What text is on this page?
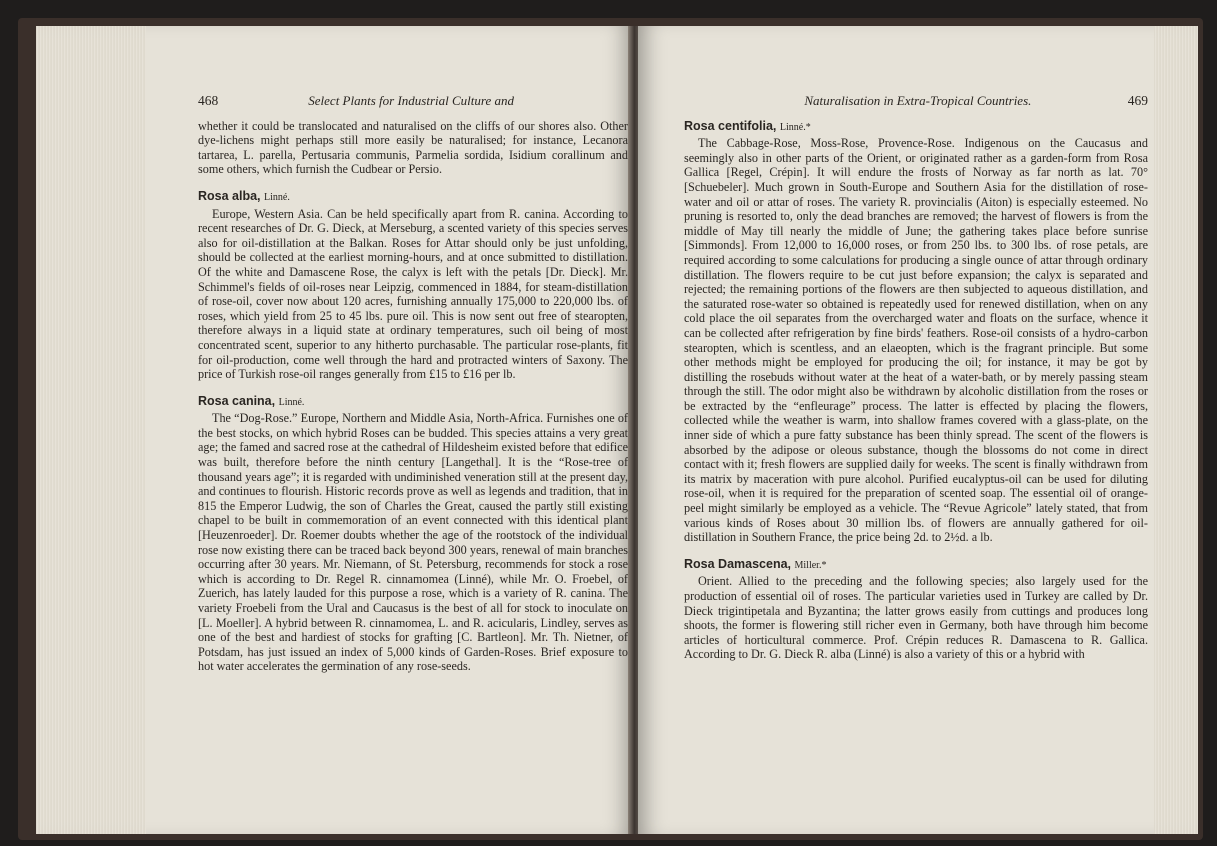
468	Select Plants for Industrial Culture and

whether it could be translocated and naturalised on the cliffs of our shores also. Other dye-lichens might perhaps still more easily be naturalised; for instance, Lecanora tartarea, L. parella, Pertusaria communis, Parmelia sordida, Isidium corallinum and some others, which furnish the Cudbear or Persio.

Rosa alba, Linné.

Europe, Western Asia. Can be held specifically apart from R. canina. According to recent researches of Dr. G. Dieck, at Merseburg, a scented variety of this species serves also for oil-distillation at the Balkan. Roses for Attar should only be just unfolding, should be collected at the earliest morning-hours, and at once submitted to distillation. Of the white and Damascene Rose, the calyx is left with the petals [Dr. Dieck]. Mr. Schimmel's fields of oil-roses near Leipzig, commenced in 1884, for steam-distillation of rose-oil, cover now about 120 acres, furnishing annually 175,000 to 220,000 lbs. of roses, which yield from 25 to 45 lbs. pure oil. This is now sent out free of stearopten, therefore always in a liquid state at ordinary temperatures, such oil being of most concentrated scent, superior to any hitherto purchasable. The particular rose-plants, fit for oil-production, come well through the hard and protracted winters of Saxony. The price of Turkish rose-oil ranges generally from £15 to £16 per lb.

Rosa canina, Linné.

The “Dog-Rose.” Europe, Northern and Middle Asia, North-Africa. Furnishes one of the best stocks, on which hybrid Roses can be budded. This species attains a very great age; the famed and sacred rose at the cathedral of Hildesheim existed before that edifice was built, therefore before the ninth century [Langethal]. It is the “Rose-tree of thousand years age”; it is regarded with undiminished veneration still at the present day, and continues to flourish. Historic records prove as well as legends and tradition, that in 815 the Emperor Ludwig, the son of Charles the Great, caused the partly still existing chapel to be built in commemoration of an event connected with this identical plant [Heuzenroeder]. Dr. Roemer doubts whether the age of the rootstock of the individual rose now existing there can be traced back beyond 300 years, renewal of main branches occurring after 30 years. Mr. Niemann, of St. Petersburg, recommends for stock a rose which is according to Dr. Regel R. cinnamomea (Linné), while Mr. O. Froebel, of Zuerich, has lately lauded for this purpose a rose, which is a variety of R. canina. The variety Froebeli from the Ural and Caucasus is the best of all for stock to inoculate on [L. Moeller]. A hybrid between R. cinnamomea, L. and R. acicularis, Lindley, serves as one of the best and hardiest of stocks for grafting [C. Bartleon]. Mr. Th. Nietner, of Potsdam, has just issued an index of 5,000 kinds of Garden-Roses. Brief exposure to hot water accelerates the germination of any rose-seeds.

Naturalisation in Extra-Tropical Countries.	469
Rosa centifolia, Linné.*

The Cabbage-Rose, Moss-Rose, Provence-Rose. Indigenous on the Caucasus and seemingly also in other parts of the Orient, or originated rather as a garden-form from Rosa Gallica [Regel, Crépin]. It will endure the frosts of Norway as far north as lat. 70° [Schuebeler]. Much grown in South-Europe and Southern Asia for the distillation of rose-water and oil or attar of roses. The variety R. provincialis (Aiton) is especially esteemed. No pruning is resorted to, only the dead branches are removed; the harvest of flowers is from the middle of May till nearly the middle of June; the gathering takes place before sunrise [Simmonds]. From 12,000 to 16,000 roses, or from 250 lbs. to 300 lbs. of rose petals, are required according to some calculations for producing a single ounce of attar through ordinary distillation. The flowers require to be cut just before expansion; the calyx is separated and rejected; the remaining portions of the flowers are then subjected to aqueous distillation, and the saturated rose-water so obtained is repeatedly used for renewed distillation, when on any cold place the oil separates from the overcharged water and floats on the surface, whence it can be collected after refrigeration by fine birds' feathers. Rose-oil consists of a hydro-carbon stearopten, which is scentless, and an elaeopten, which is the fragrant principle. But some other methods might be employed for producing the oil; for instance, it may be got by distilling the rosebuds without water at the heat of a water-bath, or by merely passing steam through the still. The odor might also be withdrawn by alcoholic distillation from the roses or be extracted by the “enfleurage” process. The latter is effected by placing the flowers, collected while the weather is warm, into shallow frames covered with a glass-plate, on the inner side of which a pure fatty substance has been thinly spread. The scent of the flowers is absorbed by the adipose or oleous substance, though the blossoms do not come in direct contact with it; fresh flowers are supplied daily for weeks. The scent is finally withdrawn from its matrix by maceration with pure alcohol. Purified eucalyptus-oil can be used for diluting rose-oil, when it is required for the preparation of scented soap. The essential oil of orange-peel might similarly be employed as a vehicle. The “Revue Agricole” lately stated, that from various kinds of Roses about 30 million lbs. of flowers are annually gathered for oil-distillation in Southern France, the price being 2d. to 2½d. a lb.

Rosa Damascena, Miller.*

Orient. Allied to the preceding and the following species; also largely used for the production of essential oil of roses. The particular varieties used in Turkey are called by Dr. Dieck trigintipetala and Byzantina; the latter grows easily from cuttings and produces long shoots, the former is flowering still richer even in Germany, both have through him become articles of horticultural commerce. Prof. Crépin reduces R. Damascena to R. Gallica. According to Dr. G. Dieck R. alba (Linné) is also a variety of this or a hybrid with
